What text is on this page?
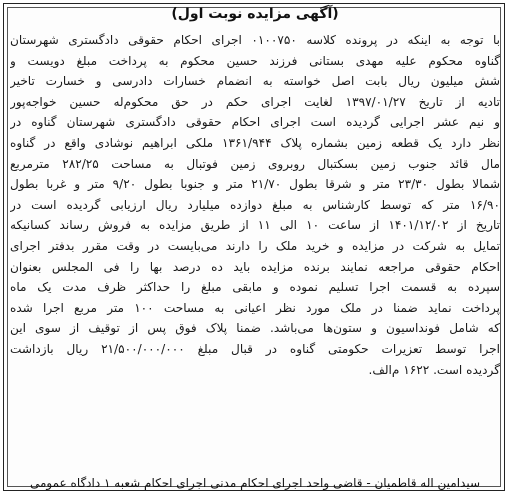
(آگهی مزایده نوبت اول)
با توجه به اینکه در پرونده کلاسه ۰۱۰۰۷۵۰ اجرای احکام حقوقی دادگستری شهرستان
گناوه محکوم علیه مهدی بستانی فرزند حسین محکوم به پرداخت مبلغ دویست و
شش میلیون ریال بابت اصل خواسته به انضمام خسارات دادرسی و خسارت تاخیر
تادیه از تاریخ ۱۳۹۷/۰۱/۲۷ لغایت اجرای حکم در حق محکوم‌له حسین خواجه‌پور
و نیم عشر اجرایی گردیده است اجرای احکام حقوقی دادگستری شهرستان گناوه در
نظر دارد یک قطعه زمین بشماره پلاک ۱۳۶۱/۹۴۴ ملکی ابراهیم نوشادی واقع در گناوه
مال قائد جنوب زمین بسکتبال روبروی زمین فوتبال به مساحت ۲۸۲/۲۵ مترمربع
شمالا بطول ۲۳/۳۰ متر و شرقا بطول ۲۱/۷۰ متر و جنوبا بطول ۹/۲۰ متر و غربا بطول
۱۶/۹۰ متر که توسط کارشناس به مبلغ دوازده میلیارد ریال ارزیابی گردیده است در
تاریخ از ۱۴۰۱/۱۲/۰۲ از ساعت ۱۰ الی ۱۱ از طریق مزایده به فروش رساند کسانیکه
تمایل به شرکت در مزایده و خرید ملک را دارند می‌بایست در وقت مقرر بدفتر اجرای
احکام حقوقی مراجعه نمایند برنده مزایده باید ده درصد بها را فی المجلس بعنوان
سپرده به قسمت اجرا تسلیم نموده و مابقی مبلغ را حداکثر ظرف مدت یک ماه
پرداخت نماید ضمنا در ملک مورد نظر اعیانی به مساحت ۱۰۰ متر مربع اجرا شده
که شامل فونداسیون و ستون‌ها می‌باشد. ضمنا پلاک فوق پس از توقیف از سوی این
اجرا توسط تعزیرات حکومتی گناوه در قبال مبلغ ۲۱/۵۰۰/۰۰۰/۰۰۰ ریال بازداشت
گردیده است. ۱۶۲۲ م‌الف.
سیدامین اله قاطمیان - قاضی واحد اجرای احکام مدنی اجرای احکام شعبه ۱ دادگاه عمومی
